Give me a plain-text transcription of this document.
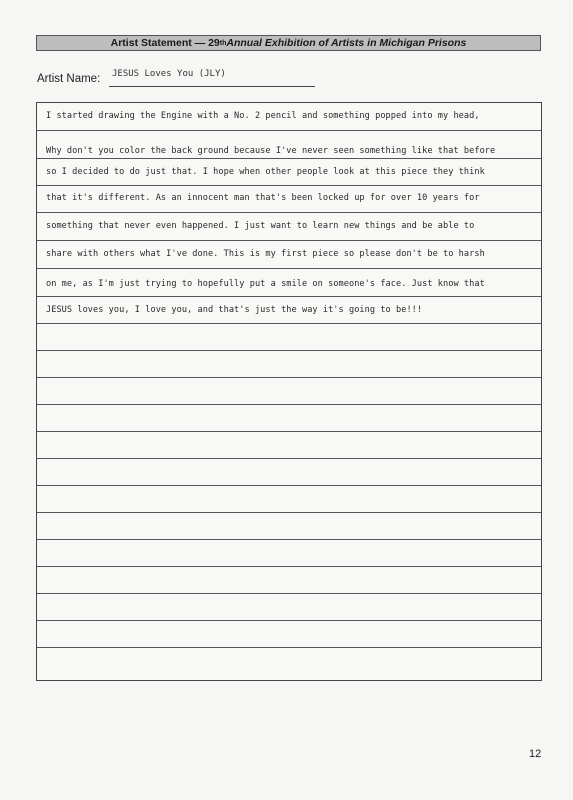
Artist Statement — 29 th Annual Exhibition of Artists in Michigan Prisons
Artist Name: JESUS Loves You (JLY)
I started drawing the Engine with a No. 2 pencil and something popped into my head,
Why don't you color the back ground because I've never seen something like that before
so I decided to do just that. I hope when other people look at this piece they think
that it's different. As an innocent man that's been locked up for over 10 years for
something that never even happened. I just want to learn new things and be able to
share with others what I've done. This is my first piece so please don't be to harsh
on me, as I'm just trying to hopefully put a smile on someone's face. Just know that
JESUS loves you, I love you, and that's just the way it's going to be!!!
12
